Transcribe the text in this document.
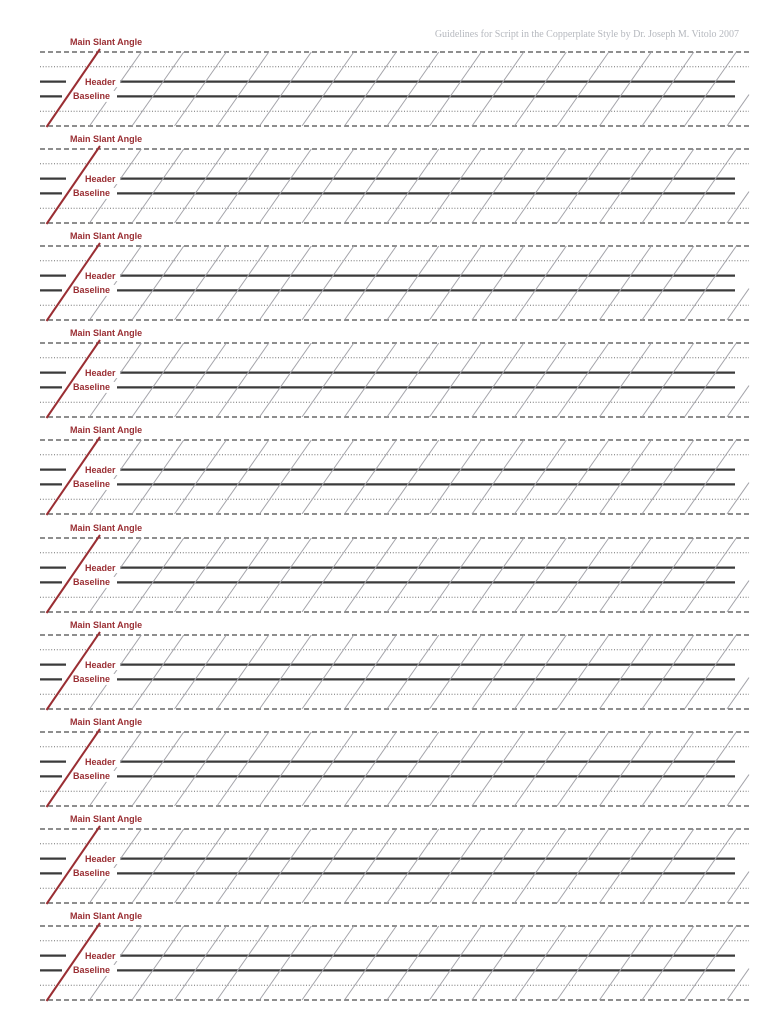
Guidelines for Script in the Copperplate Style by Dr. Joseph M. Vitolo 2007
Main Slant Angle
Header
Baseline
Main Slant Angle
Header
Baseline
Main Slant Angle
Header
Baseline
Main Slant Angle
Header
Baseline
Main Slant Angle
Header
Baseline
Main Slant Angle
Header
Baseline
Main Slant Angle
Header
Baseline
Main Slant Angle
Header
Baseline
Main Slant Angle
Header
Baseline
Main Slant Angle
Header
Baseline
